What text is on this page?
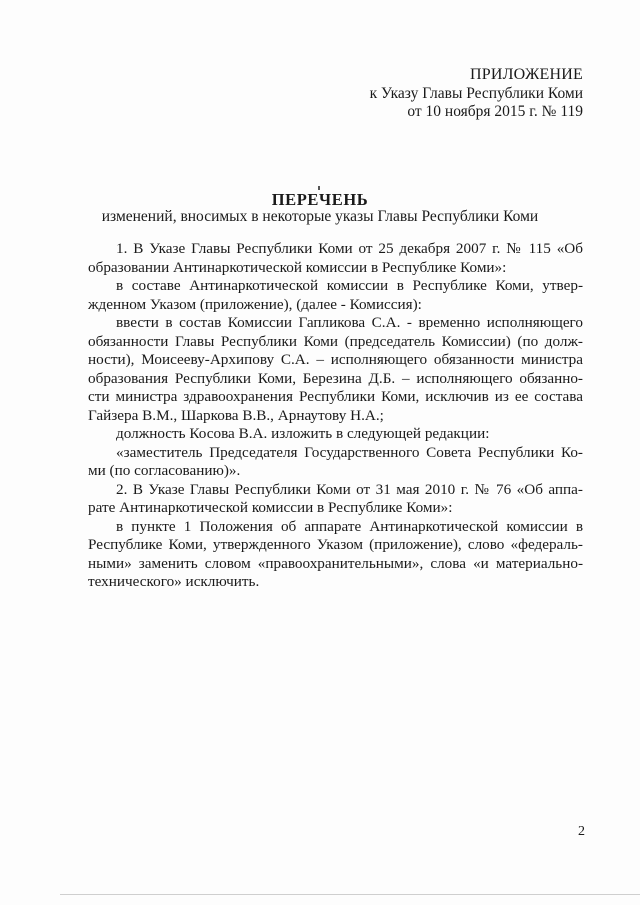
ПРИЛОЖЕНИЕ
к Указу Главы Республики Коми
от 10 ноября 2015 г. № 119
ПЕРЕЧЕНЬ
изменений, вносимых в некоторые указы Главы Республики Коми
1. В Указе Главы Республики Коми от 25 декабря 2007 г. № 115 «Об
образовании Антинаркотической комиссии в Республике Коми»:
в составе Антинаркотической комиссии в Республике Коми, утвер-
жденном Указом (приложение), (далее - Комиссия):
ввести в состав Комиссии Гапликова С.А. - временно исполняющего
обязанности Главы Республики Коми (председатель Комиссии) (по долж-
ности), Моисееву-Архипову С.А. – исполняющего обязанности министра
образования Республики Коми, Березина Д.Б. – исполняющего обязанно-
сти министра здравоохранения Республики Коми, исключив из ее состава
Гайзера В.М., Шаркова В.В., Арнаутову Н.А.;
должность Косова В.А. изложить в следующей редакции:
«заместитель Председателя Государственного Совета Республики Ко-
ми (по согласованию)».
2. В Указе Главы Республики Коми от 31 мая 2010 г. № 76 «Об аппа-
рате Антинаркотической комиссии в Республике Коми»:
в пункте 1 Положения об аппарате Антинаркотической комиссии в
Республике Коми, утвержденного Указом (приложение), слово «федераль-
ными» заменить словом «правоохранительными», слова «и материально-
технического» исключить.
2
